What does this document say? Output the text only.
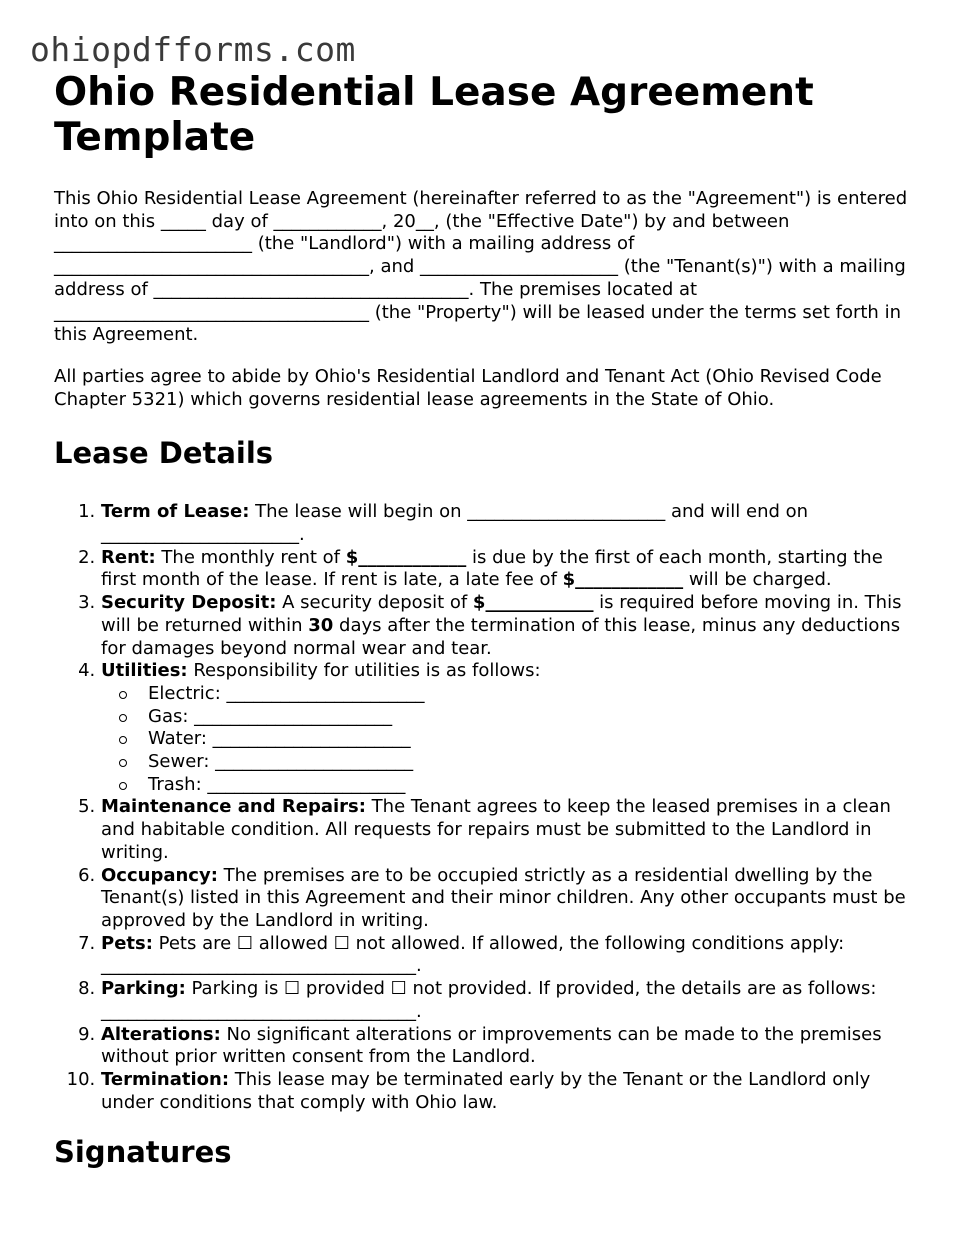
ohiopdfforms.com
Ohio Residential Lease Agreement Template

This Ohio Residential Lease Agreement (hereinafter referred to as the "Agreement") is entered into on this _____ day of ____________, 20__, (the "Effective Date") by and between ______________________ (the "Landlord") with a mailing address of ___________________________________, and ______________________ (the "Tenant(s)") with a mailing address of ___________________________________. The premises located at ___________________________________ (the "Property") will be leased under the terms set forth in this Agreement.

All parties agree to abide by Ohio's Residential Landlord and Tenant Act (Ohio Revised Code Chapter 5321) which governs residential lease agreements in the State of Ohio.

Lease Details
1. Term of Lease: The lease will begin on ______________________ and will end on ______________________.
2. Rent: The monthly rent of $____________ is due by the first of each month, starting the first month of the lease. If rent is late, a late fee of $____________ will be charged.
3. Security Deposit: A security deposit of $____________ is required before moving in. This will be returned within 30 days after the termination of this lease, minus any deductions for damages beyond normal wear and tear.
4. Utilities: Responsibility for utilities is as follows:
Electric: ______________________
Gas: ______________________
Water: ______________________
Sewer: ______________________
Trash: ______________________
5. Maintenance and Repairs: The Tenant agrees to keep the leased premises in a clean and habitable condition. All requests for repairs must be submitted to the Landlord in writing.
6. Occupancy: The premises are to be occupied strictly as a residential dwelling by the Tenant(s) listed in this Agreement and their minor children. Any other occupants must be approved by the Landlord in writing.
7. Pets: Pets are ☐ allowed ☐ not allowed. If allowed, the following conditions apply: ___________________________________.
8. Parking: Parking is ☐ provided ☐ not provided. If provided, the details are as follows: ___________________________________.
9. Alterations: No significant alterations or improvements can be made to the premises without prior written consent from the Landlord.
10. Termination: This lease may be terminated early by the Tenant or the Landlord only under conditions that comply with Ohio law.
Signatures
